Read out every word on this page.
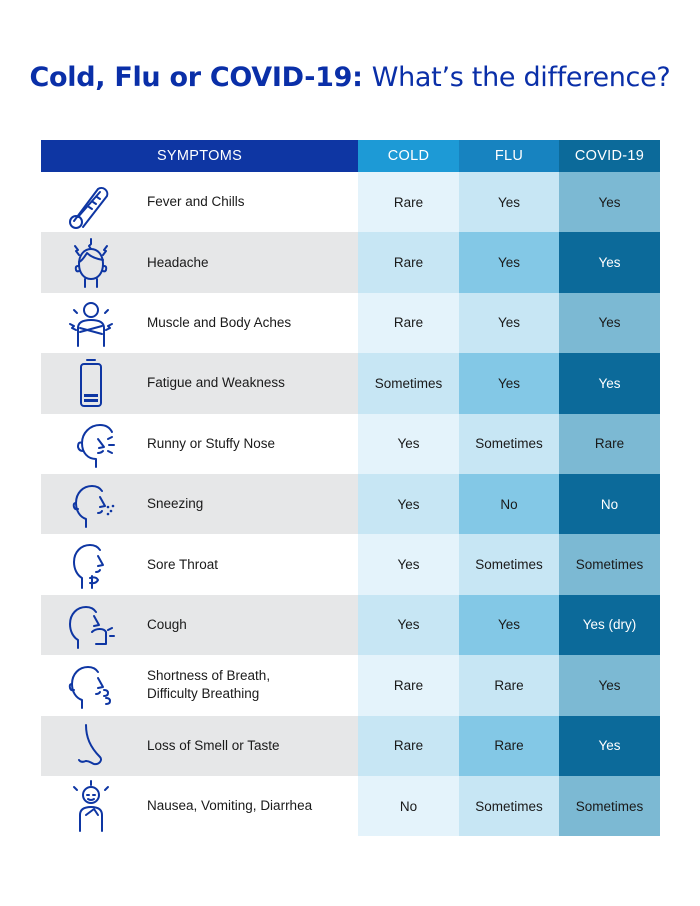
Cold, Flu or COVID-19: What’s the difference?
SYMPTOMS	COLD	FLU	COVID-19
Fever and Chills	Rare	Yes	Yes
Headache	Rare	Yes	Yes
Muscle and Body Aches	Rare	Yes	Yes
Fatigue and Weakness	Sometimes	Yes	Yes
Runny or Stuffy Nose	Yes	Sometimes	Rare
Sneezing	Yes	No	No
Sore Throat	Yes	Sometimes	Sometimes
Cough	Yes	Yes	Yes (dry)
Shortness of Breath,
Difficulty Breathing
Rare	Rare	Yes
Loss of Smell or Taste	Rare	Rare	Yes
Nausea, Vomiting, Diarrhea	No	Sometimes	Sometimes
